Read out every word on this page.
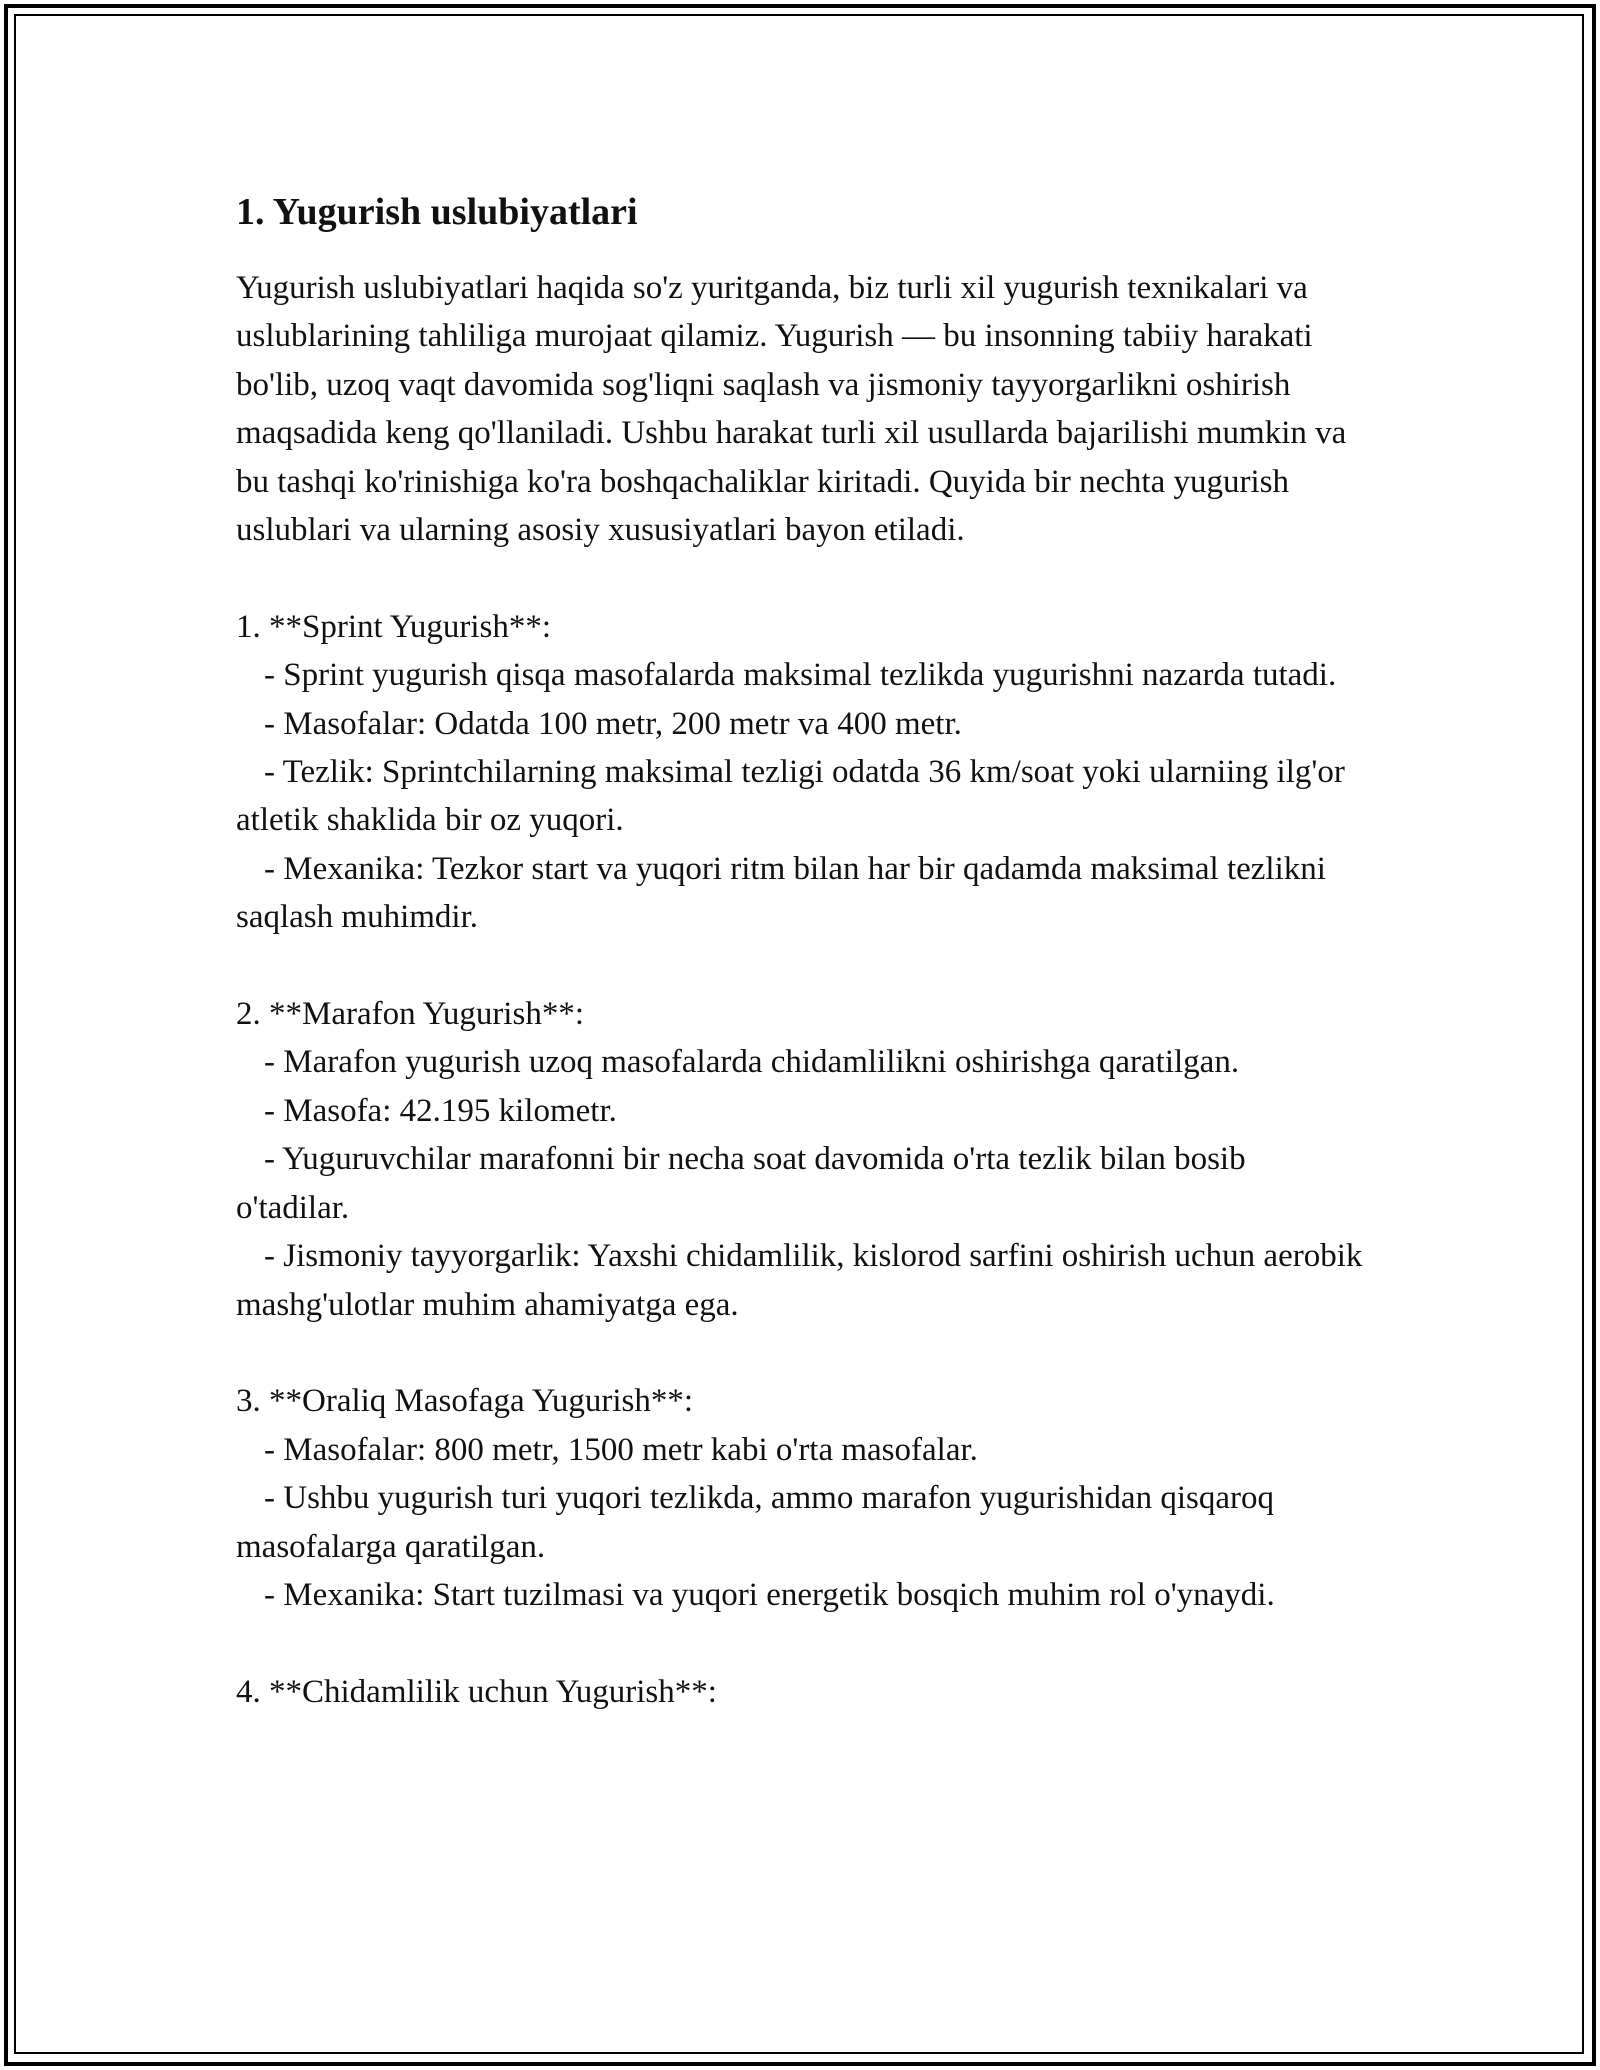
1. Yugurish uslubiyatlari

Yugurish uslubiyatlari haqida so'z yuritganda, biz turli xil yugurish texnikalari va uslublarining tahliliga murojaat qilamiz. Yugurish — bu insonning tabiiy harakati bo'lib, uzoq vaqt davomida sog'liqni saqlash va jismoniy tayyorgarlikni oshirish maqsadida keng qo'llaniladi. Ushbu harakat turli xil usullarda bajarilishi mumkin va bu tashqi ko'rinishiga ko'ra boshqachaliklar kiritadi. Quyida bir nechta yugurish uslublari va ularning asosiy xususiyatlari bayon etiladi.

1. **Sprint Yugurish**:

- Sprint yugurish qisqa masofalarda maksimal tezlikda yugurishni nazarda tutadi.

- Masofalar: Odatda 100 metr, 200 metr va 400 metr.

- Tezlik: Sprintchilarning maksimal tezligi odatda 36 km/soat yoki ularniing ilg'or atletik shaklida bir oz yuqori.

- Mexanika: Tezkor start va yuqori ritm bilan har bir qadamda maksimal tezlikni saqlash muhimdir.

2. **Marafon Yugurish**:

- Marafon yugurish uzoq masofalarda chidamlilikni oshirishga qaratilgan.

- Masofa: 42.195 kilometr.

- Yuguruvchilar marafonni bir necha soat davomida o'rta tezlik bilan bosib o'tadilar.

- Jismoniy tayyorgarlik: Yaxshi chidamlilik, kislorod sarfini oshirish uchun aerobik mashg'ulotlar muhim ahamiyatga ega.

3. **Oraliq Masofaga Yugurish**:

- Masofalar: 800 metr, 1500 metr kabi o'rta masofalar.

- Ushbu yugurish turi yuqori tezlikda, ammo marafon yugurishidan qisqaroq masofalarga qaratilgan.

- Mexanika: Start tuzilmasi va yuqori energetik bosqich muhim rol o'ynaydi.

4. **Chidamlilik uchun Yugurish**:
